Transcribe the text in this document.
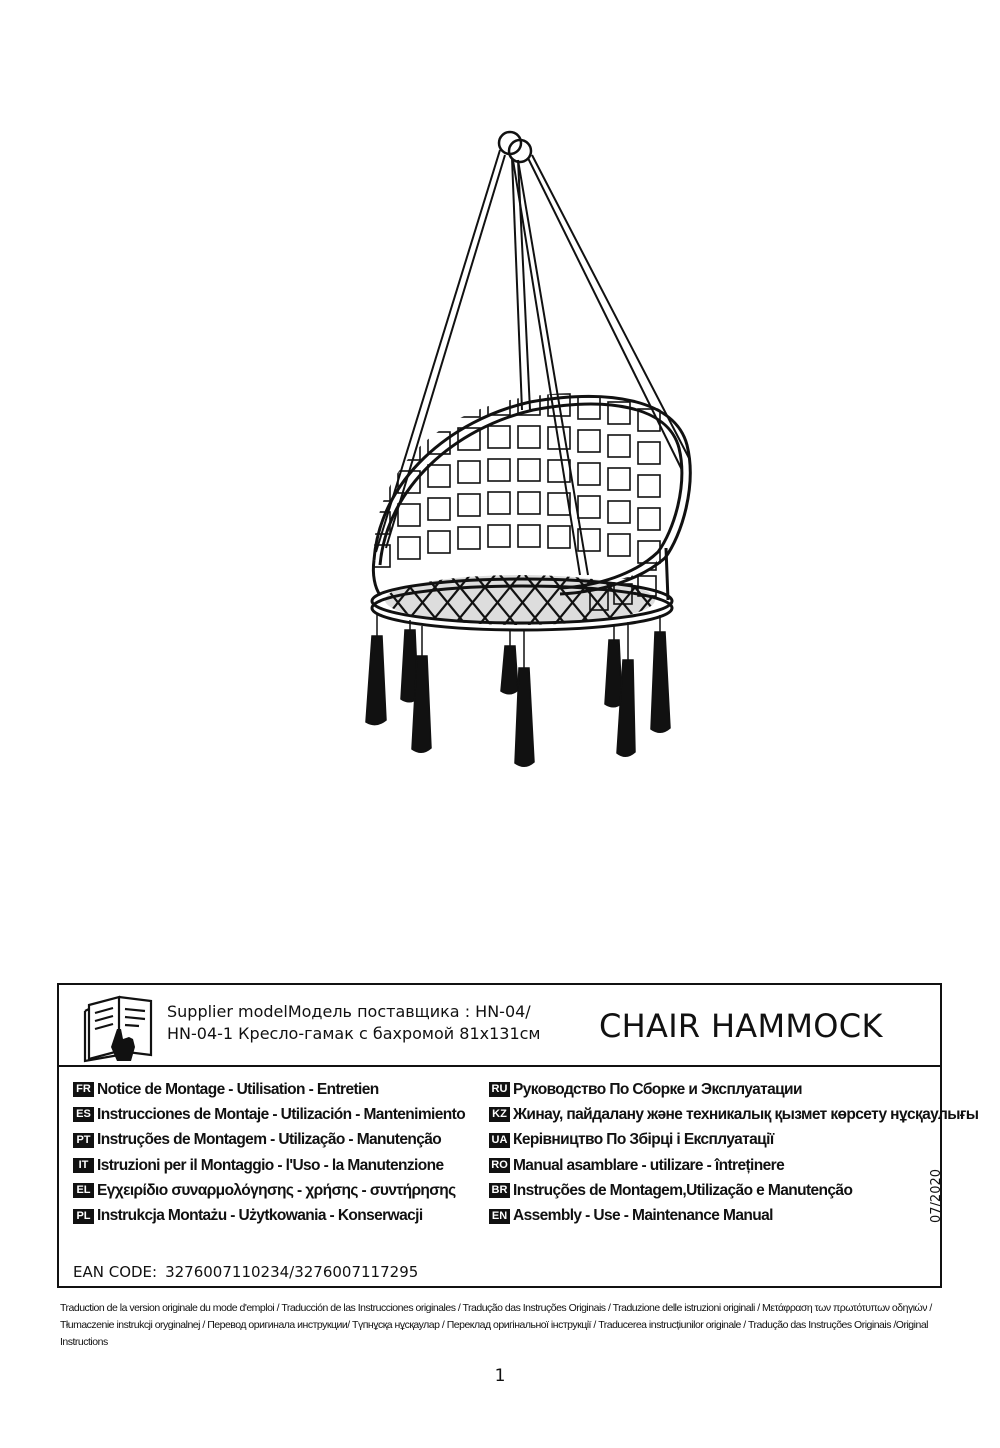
Supplier modelМодель поставщика : HN-04/
HN-04-1 Кресло-гамак с бахромой 81x131см	CHAIR HAMMOCK
FR Notice de Montage - Utilisation - Entretien
ES Instrucciones de Montaje - Utilización - Mantenimiento
PT Instruções de Montagem - Utilização - Manutenção
IT Istruzioni per il Montaggio - l'Uso - la Manutenzione
EL Εγχειρίδιο συναρμολόγησης - χρήσης - συντήρησης
PL Instrukcja Montażu - Użytkowania - Konserwacji
RU Руководство По Сборке и Эксплуатации
KZ Жинау, пайдалану және техникалық қызмет көрсету нұсқаулығы
UA Керівництво По Збірці і Експлуатації
RO Manual asamblare - utilizare - întreținere
BR Instruções de Montagem,Utilização e Manutenção
EN Assembly - Use - Maintenance Manual	07/2020
EAN CODE: 3276007110234/3276007117295
Traduction de la version originale du mode d'emploi / Traducción de las Instrucciones originales / Tradução das Instruções Originais / Traduzione delle istruzioni originali / Μετάφραση των πρωτότυπων οδηγιών / Tłumaczenie instrukcji oryginalnej / Перевод оригинала инструкции/ Түпнұсқа нұсқаулар / Переклад оригінальної інструкції / Traducerea instrucțiunilor originale / Tradução das Instruções Originais /Original Instructions
1
